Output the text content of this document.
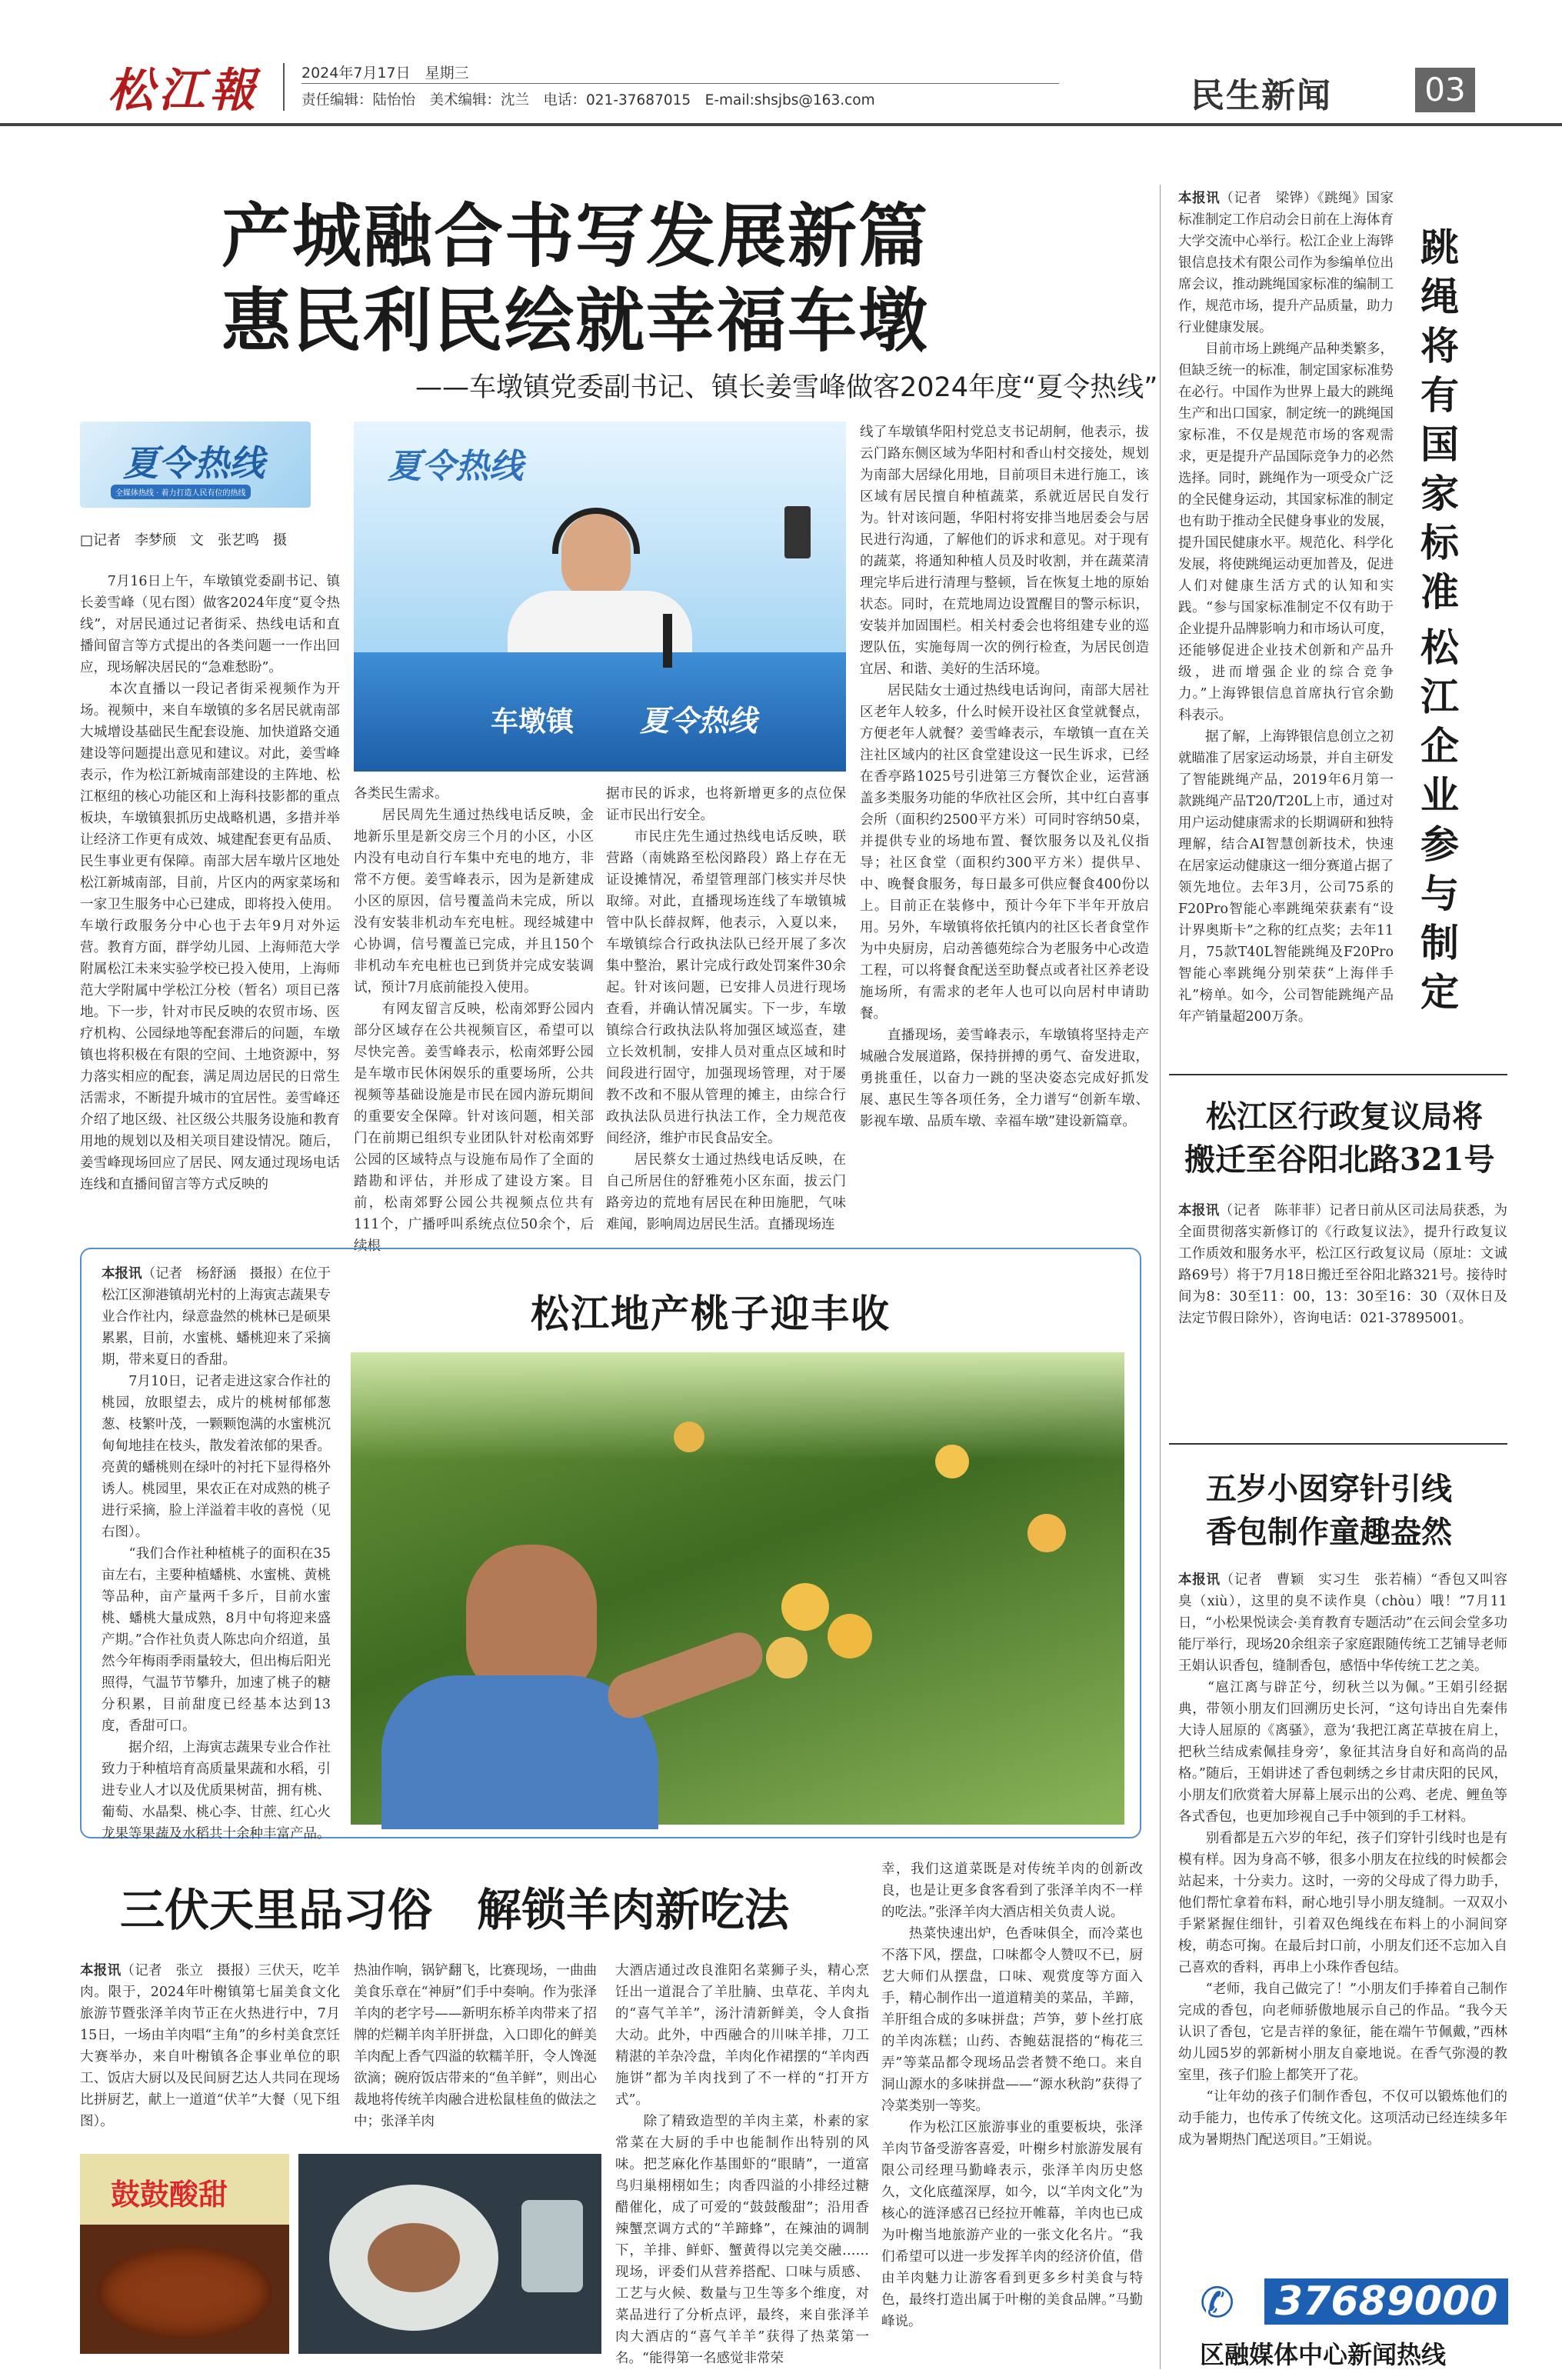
松江報	2024年7月17日　星期三
责任编辑：陆怡怡　美术编辑：沈兰　电话：021-37687015　E-mail:shsjbs@163.com	民生新闻	03
产城融合书写发展新篇
惠民利民绘就幸福车墩
——车墩镇党委副书记、镇长姜雪峰做客2024年度“夏令热线”
夏令热线
全媒体热线 · 着力打造人民有位的热线
□记者　李梦颀　文　张艺鸣　摄
夏令热线
车墩镇 夏令热线
　　7月16日上午，车墩镇党委副书记、镇长姜雪峰（见右图）做客2024年度“夏令热线”，对居民通过记者街采、热线电话和直播间留言等方式提出的各类问题一一作出回应，现场解决居民的“急难愁盼”。
　　本次直播以一段记者街采视频作为开场。视频中，来自车墩镇的多名居民就南部大城增设基础民生配套设施、加快道路交通建设等问题提出意见和建议。对此，姜雪峰表示，作为松江新城南部建设的主阵地、松江枢纽的核心功能区和上海科技影都的重点板块，车墩镇狠抓历史战略机遇，多措并举让经济工作更有成效、城建配套更有品质、民生事业更有保障。南部大居车墩片区地处松江新城南部，目前，片区内的两家菜场和一家卫生服务中心已建成，即将投入使用。车墩行政服务分中心也于去年9月对外运营。教育方面，群学幼儿园、上海师范大学附属松江未来实验学校已投入使用，上海师范大学附属中学松江分校（暂名）项目已落地。下一步，针对市民反映的农贸市场、医疗机构、公园绿地等配套滞后的问题，车墩镇也将积极在有限的空间、土地资源中，努力落实相应的配套，满足周边居民的日常生活需求，不断提升城市的宜居性。姜雪峰还介绍了地区级、社区级公共服务设施和教育用地的规划以及相关项目建设情况。随后，姜雪峰现场回应了居民、网友通过现场电话连线和直播间留言等方式反映的
各类民生需求。
　　居民周先生通过热线电话反映，金地新乐里是新交房三个月的小区，小区内没有电动自行车集中充电的地方，非常不方便。姜雪峰表示，因为是新建成小区的原因，信号覆盖尚未完成，所以没有安装非机动车充电桩。现经城建中心协调，信号覆盖已完成，并且150个非机动车充电桩也已到货并完成安装调试，预计7月底前能投入使用。
　　有网友留言反映，松南郊野公园内部分区域存在公共视频盲区，希望可以尽快完善。姜雪峰表示，松南郊野公园是车墩市民休闲娱乐的重要场所，公共视频等基础设施是市民在园内游玩期间的重要安全保障。针对该问题，相关部门在前期已组织专业团队针对松南郊野公园的区域特点与设施布局作了全面的踏勘和评估，并形成了建设方案。目前，松南郊野公园公共视频点位共有111个，广播呼叫系统点位50余个，后续根
据市民的诉求，也将新增更多的点位保证市民出行安全。
　　市民庄先生通过热线电话反映，联营路（南姚路至松闵路段）路上存在无证设摊情况，希望管理部门核实并尽快取缔。对此，直播现场连线了车墩镇城管中队长薛叔辉，他表示，入夏以来，车墩镇综合行政执法队已经开展了多次集中整治，累计完成行政处罚案件30余起。针对该问题，已安排人员进行现场查看，并确认情况属实。下一步，车墩镇综合行政执法队将加强区域巡查，建立长效机制，安排人员对重点区域和时间段进行固守，加强现场管理，对于屡教不改和不服从管理的摊主，由综合行政执法队员进行执法工作，全力规范夜间经济，维护市民食品安全。
　　居民蔡女士通过热线电话反映，在自己所居住的舒雅苑小区东面，拔云门路旁边的荒地有居民在种田施肥，气味难闻，影响周边居民生活。直播现场连
线了车墩镇华阳村党总支书记胡舸，他表示，拔云门路东侧区域为华阳村和香山村交接处，规划为南部大居绿化用地，目前项目未进行施工，该区域有居民擅自种植蔬菜，系就近居民自发行为。针对该问题，华阳村将安排当地居委会与居民进行沟通，了解他们的诉求和意见。对于现有的蔬菜，将通知种植人员及时收割，并在蔬菜清理完毕后进行清理与整顿，旨在恢复土地的原始状态。同时，在荒地周边设置醒目的警示标识，安装并加固围栏。相关村委会也将组建专业的巡逻队伍，实施每周一次的例行检查，为居民创造宜居、和谐、美好的生活环境。
　　居民陆女士通过热线电话询问，南部大居社区老年人较多，什么时候开设社区食堂就餐点，方便老年人就餐？姜雪峰表示，车墩镇一直在关注社区域内的社区食堂建设这一民生诉求，已经在香亭路1025号引进第三方餐饮企业，运营涵盖多类服务功能的华欣社区会所，其中红白喜事会所（面积约2500平方米）可同时容纳50桌，并提供专业的场地布置、餐饮服务以及礼仪指导；社区食堂（面积约300平方米）提供早、中、晚餐食服务，每日最多可供应餐食400份以上。目前正在装修中，预计今年下半年开放启用。另外，车墩镇将依托镇内的社区长者食堂作为中央厨房，启动善德苑综合为老服务中心改造工程，可以将餐食配送至助餐点或者社区养老设施场所，有需求的老年人也可以向居村申请助餐。
　　直播现场，姜雪峰表示，车墩镇将坚持走产城融合发展道路，保持拼搏的勇气、奋发进取，勇挑重任，以奋力一跳的坚决姿态完成好抓发展、惠民生等各项任务，全力谱写“创新车墩、影视车墩、品质车墩、幸福车墩”建设新篇章。
松江地产桃子迎丰收
本报讯（记者　杨舒涵　摄报）在位于松江区泖港镇胡光村的上海寅志蔬果专业合作社内，绿意盎然的桃林已是硕果累累，目前，水蜜桃、蟠桃迎来了采摘期，带来夏日的香甜。
　　7月10日，记者走进这家合作社的桃园，放眼望去，成片的桃树郁郁葱葱、枝繁叶茂，一颗颗饱满的水蜜桃沉甸甸地挂在枝头，散发着浓郁的果香。亮黄的蟠桃则在绿叶的衬托下显得格外诱人。桃园里，果农正在对成熟的桃子进行采摘，脸上洋溢着丰收的喜悦（见右图）。
　　“我们合作社种植桃子的面积在35亩左右，主要种植蟠桃、水蜜桃、黄桃等品种，亩产量两千多斤，目前水蜜桃、蟠桃大量成熟，8月中旬将迎来盛产期。”合作社负责人陈忠向介绍道，虽然今年梅雨季雨量较大，但出梅后阳光照得，气温节节攀升，加速了桃子的糖分积累，目前甜度已经基本达到13度，香甜可口。
　　据介绍，上海寅志蔬果专业合作社致力于种植培育高质量果蔬和水稻，引进专业人才以及优质果树苗，拥有桃、葡萄、水晶梨、桃心李、甘蔗、红心火龙果等果蔬及水稻共十余种丰富产品。
三伏天里品习俗　解锁羊肉新吃法
本报讯（记者　张立　摄报）三伏天，吃羊肉。限于，2024年叶榭镇第七届美食文化旅游节暨张泽羊肉节正在火热进行中，7月15日，一场由羊肉唱“主角”的乡村美食烹饪大赛举办，来自叶榭镇各企事业单位的职工、饭店大厨以及民间厨艺达人共同在现场比拼厨艺，献上一道道“伏羊”大餐（见下组图）。
热油作响，锅铲翻飞，比赛现场，一曲曲美食乐章在“神厨”们手中奏响。作为张泽羊肉的老字号——新明东桥羊肉带来了招牌的烂糊羊肉羊肝拼盘，入口即化的鲜美羊肉配上香气四溢的软糯羊肝，令人馋涎欲滴；碗府饭店带来的“鱼羊鲜”，则出心裁地将传统羊肉融合进松鼠桂鱼的做法之中；张泽羊肉
大酒店通过改良淮阳名菜狮子头，精心烹饪出一道混合了羊肚腩、虫草花、羊肉丸的“喜气羊羊”，汤汁清新鲜美，令人食指大动。此外，中西融合的川味羊排，刀工精湛的羊杂冷盘，羊肉化作裙摆的“羊肉西施饼”都为羊肉找到了不一样的“打开方式”。
　　除了精致造型的羊肉主菜，朴素的家常菜在大厨的手中也能制作出特别的风味。把芝麻化作基围虾的“眼睛”，一道富鸟归巢栩栩如生；肉香四溢的小排经过糖醋催化，成了可爱的“鼓鼓酸甜”；沿用香辣蟹烹调方式的“羊蹄蜂”，在辣油的调制下，羊排、鲜虾、蟹黄得以完美交融……现场，评委们从营养搭配、口味与质感、工艺与火候、数量与卫生等多个维度，对菜品进行了分析点评，最终，来自张泽羊肉大酒店的“喜气羊羊”获得了热菜第一名。“能得第一名感觉非常荣
幸，我们这道菜既是对传统羊肉的创新改良，也是让更多食客看到了张泽羊肉不一样的吃法。”张泽羊肉大酒店相关负责人说。
　　热菜快速出炉，色香味俱全，而冷菜也不落下风，摆盘，口味都令人赞叹不已，厨艺大师们从摆盘，口味、观赏度等方面入手，精心制作出一道道精美的菜品，羊蹄，羊肝组合成的多味拼盘；芦笋，萝卜丝打底的羊肉冻糕；山药、杏鲍菇混搭的“梅花三弄”等菜品都令现场品尝者赞不绝口。来自洞山源水的多味拼盘——“源水秋韵”获得了冷菜类别一等奖。
　　作为松江区旅游事业的重要板块，张泽羊肉节备受游客喜爱，叶榭乡村旅游发展有限公司经理马勤峰表示，张泽羊肉历史悠久，文化底蕴深厚，如今，以“羊肉文化”为核心的涟泽感召已经拉开帷幕，羊肉也已成为叶榭当地旅游产业的一张文化名片。“我们希望可以进一步发挥羊肉的经济价值，借由羊肉魅力让游客看到更多乡村美食与特色，最终打造出属于叶榭的美食品牌。”马勤峰说。
鼓鼓酸甜
本报讯（记者　梁铧）《跳绳》国家标准制定工作启动会日前在上海体育大学交流中心举行。松江企业上海铧银信息技术有限公司作为参编单位出席会议，推动跳绳国家标准的编制工作，规范市场，提升产品质量，助力行业健康发展。
　　目前市场上跳绳产品种类繁多，但缺乏统一的标准，制定国家标准势在必行。中国作为世界上最大的跳绳生产和出口国家，制定统一的跳绳国家标准，不仅是规范市场的客观需求，更是提升产品国际竞争力的必然选择。同时，跳绳作为一项受众广泛的全民健身运动，其国家标准的制定也有助于推动全民健身事业的发展，提升国民健康水平。规范化、科学化发展，将使跳绳运动更加普及，促进人们对健康生活方式的认知和实践。“参与国家标准制定不仅有助于企业提升品牌影响力和市场认可度，还能够促进企业技术创新和产品升级，进而增强企业的综合竞争力。”上海铧银信息首席执行官余勤科表示。
　　据了解，上海铧银信息创立之初就瞄准了居家运动场景，并自主研发了智能跳绳产品，2019年6月第一款跳绳产品T20/T20L上市，通过对用户运动健康需求的长期调研和独特理解，结合AI智慧创新技术，快速在居家运动健康这一细分赛道占据了领先地位。去年3月，公司75系的F20Pro智能心率跳绳荣获素有“设计界奥斯卡”之称的红点奖；去年11月，75款T40L智能跳绳及F20Pro智能心率跳绳分别荣获“上海伴手礼”榜单。如今，公司智能跳绳产品年产销量超200万条。
跳
绳
将
有
国
家
标
准
松
江
企
业
参
与
制
定
松江区行政复议局将
搬迁至谷阳北路321号
本报讯（记者　陈菲菲）记者日前从区司法局获悉，为全面贯彻落实新修订的《行政复议法》，提升行政复议工作质效和服务水平，松江区行政复议局（原址：文诚路69号）将于7月18日搬迁至谷阳北路321号。接待时间为8：30至11：00，13：30至16：30（双休日及法定节假日除外），咨询电话：021-37895001。
五岁小囡穿针引线
香包制作童趣盎然
本报讯（记者　曹颖　实习生　张若楠）“香包又叫容臭（xiù），这里的臭不读作臭（chòu）哦！”7月11日，“小松果悦读会·美育教育专题活动”在云间会堂多功能厅举行，现场20余组亲子家庭跟随传统工艺铺导老师王娟认识香包，缝制香包，感悟中华传统工艺之美。
　　“扈江离与辟芷兮，纫秋兰以为佩。”王娟引经据典，带领小朋友们回溯历史长河，“这句诗出自先秦伟大诗人屈原的《离骚》，意为‘我把江离芷草披在肩上，把秋兰结成索佩挂身旁’，象征其洁身自好和高尚的品格。”随后，王娟讲述了香包刺绣之乡甘肃庆阳的民风，小朋友们欣赏着大屏幕上展示出的公鸡、老虎、鲤鱼等各式香包，也更加珍视自己手中领到的手工材料。
　　别看都是五六岁的年纪，孩子们穿针引线时也是有模有样。因为身高不够，很多小朋友在拉线的时候都会站起来，十分卖力。这时，一旁的父母成了得力助手，他们帮忙拿着布料，耐心地引导小朋友缝制。一双双小手紧紧握住细针，引着双色绳线在布料上的小洞间穿梭，萌态可掬。在最后封口前，小朋友们还不忘加入自己喜欢的香料，再串上小珠作香包结。
　　“老师，我自己做完了！”小朋友们手捧着自己制作完成的香包，向老师骄傲地展示自己的作品。“我今天认识了香包，它是吉祥的象征，能在端午节佩戴，”西林幼儿园5岁的郭新树小朋友自豪地说。在香气弥漫的教室里，孩子们脸上都笑开了花。
　　“让年幼的孩子们制作香包，不仅可以锻炼他们的动手能力，也传承了传统文化。这项活动已经连续多年成为暑期热门配送项目。”王娟说。
✆ 37689000
区融媒体中心新闻热线
